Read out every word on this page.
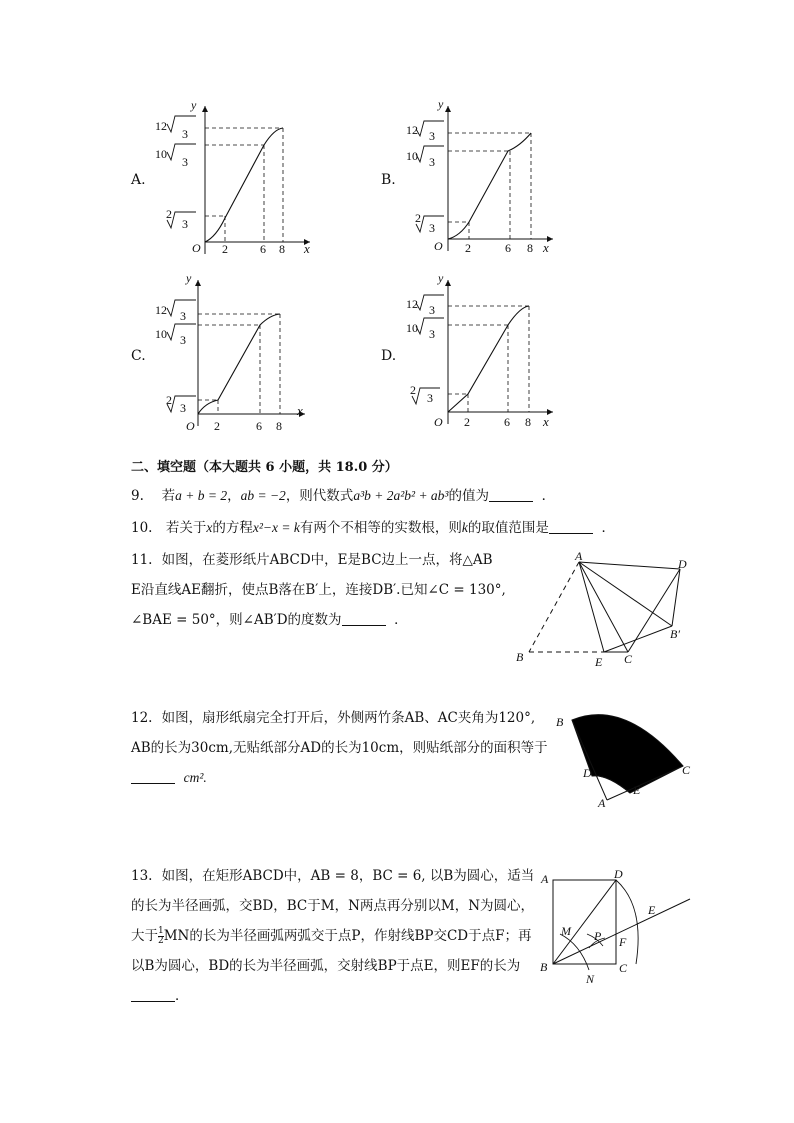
A.
12
3
10
3
2
3
O 2	6 8 x
y
B.
12 3
10 3
2
3
O 2	6 8 x
y
C.
12 3
10 3
2
3
O 2	6 8
x
y
D.
12 3
10 3
2
3
O 2	6 8 x
y
二、填空题（本大题共 6 小题，共 18.0 分）

9. 若a + b = 2，ab = −2，则代数式a³b + 2a²b² + ab³的值为	．

10. 若关于x的方程x²−x = k有两个不相等的实数根，则k的取值范围是	．

11. 如图，在菱形纸片ABCD中，E是BC边上一点，将△AB

E沿直线AE翻折，使点B落在B′上，连接DB′.已知∠C = 130°,

∠BAE = 50°，则∠AB′D的度数为	．

A
D
B′
B	E C

12. 如图，扇形纸扇完全打开后，外侧两竹条AB、AC夹角为120°,

AB的长为30cm,无贴纸部分AD的长为10cm，则贴纸部分的面积等于

cm².

B
C
D
E
A

13. 如图，在矩形ABCD中，AB = 8，BC = 6, 以B为圆心，适当

的长为半径画弧，交BD，BC于M，N两点再分别以M，N为圆心，

大于 $\frac{1}{2}$ MN的长为半径画弧两弧交于点P，作射线BP交CD于点F；再

以B为圆心，BD的长为半径画弧，交射线BP于点E，则EF的长为

．

A	D
E
M P F
B
N
C
